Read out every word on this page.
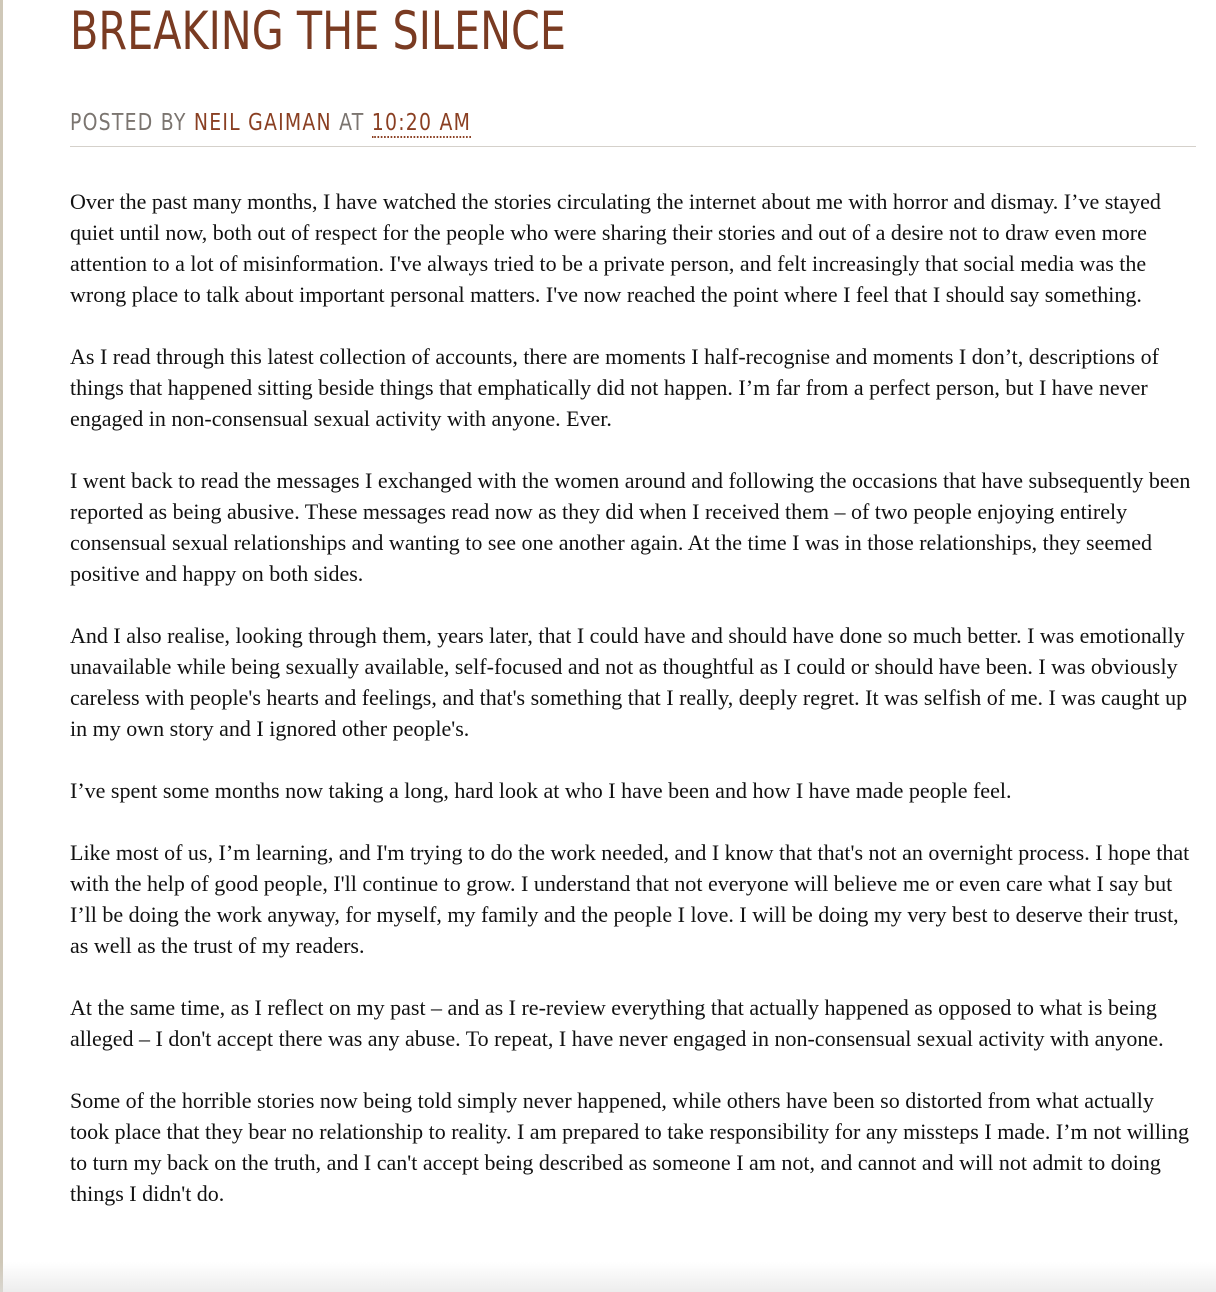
BREAKING THE SILENCE
POSTED BY NEIL GAIMAN AT 10:20 AM

Over the past many months, I have watched the stories circulating the internet about me with horror and dismay. I’ve stayed quiet until now, both out of respect for the people who were sharing their stories and out of a desire not to draw even more attention to a lot of misinformation. I've always tried to be a private person, and felt increasingly that social media was the wrong place to talk about important personal matters. I've now reached the point where I feel that I should say something.

As I read through this latest collection of accounts, there are moments I half-recognise and moments I don’t, descriptions of things that happened sitting beside things that emphatically did not happen. I’m far from a perfect person, but I have never engaged in non-consensual sexual activity with anyone. Ever.

I went back to read the messages I exchanged with the women around and following the occasions that have subsequently been reported as being abusive. These messages read now as they did when I received them – of two people enjoying entirely consensual sexual relationships and wanting to see one another again. At the time I was in those relationships, they seemed positive and happy on both sides.

And I also realise, looking through them, years later, that I could have and should have done so much better. I was emotionally unavailable while being sexually available, self-focused and not as thoughtful as I could or should have been. I was obviously careless with people's hearts and feelings, and that's something that I really, deeply regret. It was selfish of me. I was caught up in my own story and I ignored other people's.

I’ve spent some months now taking a long, hard look at who I have been and how I have made people feel.

Like most of us, I’m learning, and I'm trying to do the work needed, and I know that that's not an overnight process. I hope that with the help of good people, I'll continue to grow. I understand that not everyone will believe me or even care what I say but I’ll be doing the work anyway, for myself, my family and the people I love. I will be doing my very best to deserve their trust, as well as the trust of my readers.

At the same time, as I reflect on my past – and as I re-review everything that actually happened as opposed to what is being alleged – I don't accept there was any abuse. To repeat, I have never engaged in non-consensual sexual activity with anyone.

Some of the horrible stories now being told simply never happened, while others have been so distorted from what actually took place that they bear no relationship to reality. I am prepared to take responsibility for any missteps I made. I’m not willing to turn my back on the truth, and I can't accept being described as someone I am not, and cannot and will not admit to doing things I didn't do.
